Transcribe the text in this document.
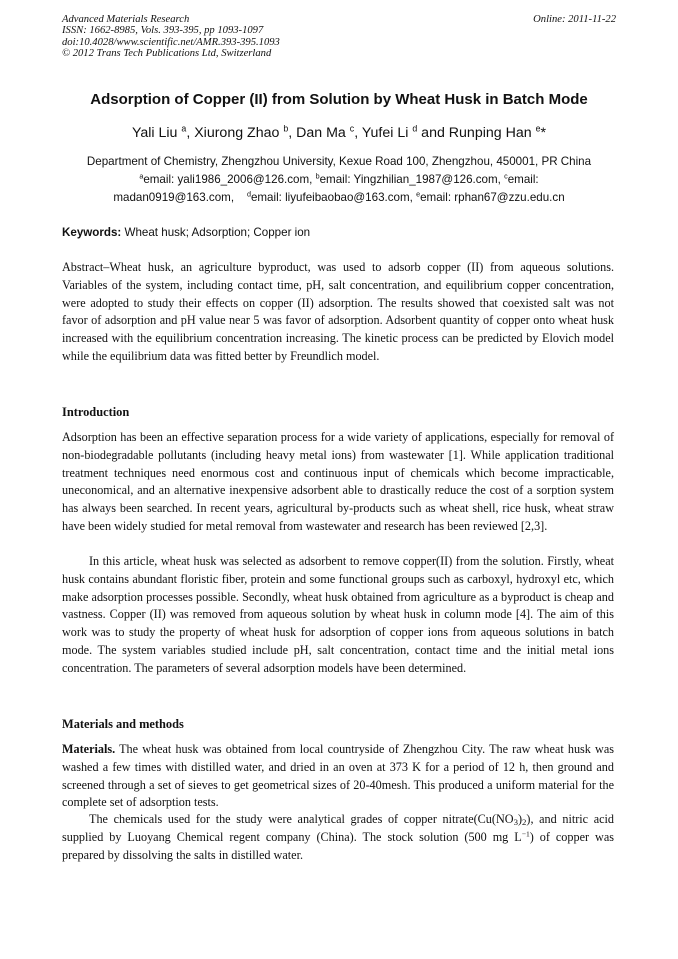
Advanced Materials Research
ISSN: 1662-8985, Vols. 393-395, pp 1093-1097
doi:10.4028/www.scientific.net/AMR.393-395.1093
© 2012 Trans Tech Publications Ltd, Switzerland
Online: 2011-11-22
Adsorption of Copper (II) from Solution by Wheat Husk in Batch Mode
Yali Liu $^a$, Xiurong Zhao $^b$, Dan Ma $^c$, Yufei Li $^d$ and Runping Han $^e$*

Department of Chemistry, Zhengzhou University, Kexue Road 100, Zhengzhou, 450001, PR China

$^a$email: yali1986_2006@126.com, $^b$email: Yingzhilian_1987@126.com, $^c$email:

madan0919@163.com, $^d$email: liyufeibaobao@163.com, $^e$email: rphan67@zzu.edu.cn

Keywords: Wheat husk; Adsorption; Copper ion

Abstract–Wheat husk, an agriculture byproduct, was used to adsorb copper (II) from aqueous solutions. Variables of the system, including contact time, pH, salt concentration, and equilibrium copper concentration, were adopted to study their effects on copper (II) adsorption. The results showed that coexisted salt was not favor of adsorption and pH value near 5 was favor of adsorption. Adsorbent quantity of copper onto wheat husk increased with the equilibrium concentration increasing. The kinetic process can be predicted by Elovich model while the equilibrium data was fitted better by Freundlich model.

Introduction

Adsorption has been an effective separation process for a wide variety of applications, especially for removal of non-biodegradable pollutants (including heavy metal ions) from wastewater [1]. While application traditional treatment techniques need enormous cost and continuous input of chemicals which become impracticable, uneconomical, and an alternative inexpensive adsorbent able to drastically reduce the cost of a sorption system has always been searched. In recent years, agricultural by-products such as wheat shell, rice husk, wheat straw have been widely studied for metal removal from wastewater and research has been reviewed [2,3].

In this article, wheat husk was selected as adsorbent to remove copper(II) from the solution. Firstly, wheat husk contains abundant floristic fiber, protein and some functional groups such as carboxyl, hydroxyl etc, which make adsorption processes possible. Secondly, wheat husk obtained from agriculture as a byproduct is cheap and vastness. Copper (II) was removed from aqueous solution by wheat husk in column mode [4]. The aim of this work was to study the property of wheat husk for adsorption of copper ions from aqueous solutions in batch mode. The system variables studied include pH, salt concentration, contact time and the initial metal ions concentration. The parameters of several adsorption models have been determined.

Materials and methods

Materials. The wheat husk was obtained from local countryside of Zhengzhou City. The raw wheat husk was washed a few times with distilled water, and dried in an oven at 373 K for a period of 12 h, then ground and screened through a set of sieves to get geometrical sizes of 20-40mesh. This produced a uniform material for the complete set of adsorption tests.

The chemicals used for the study were analytical grades of copper $nitrate(Cu(NO_3)_2)$, and nitric acid supplied by Luoyang Chemical regent company (China). The stock solution (500 mg $L^{-1}$) of copper was prepared by dissolving the salts in distilled water.
